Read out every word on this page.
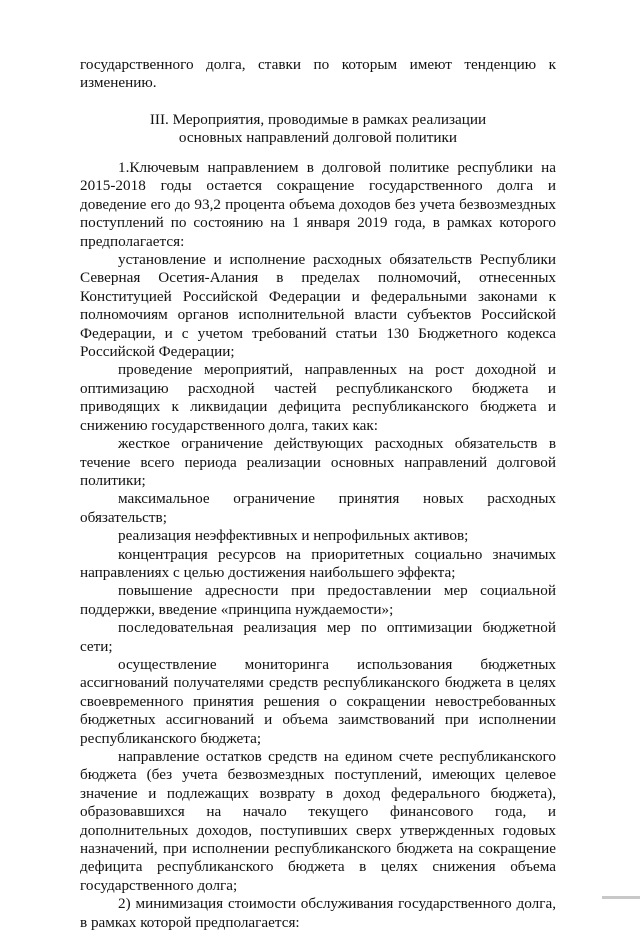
государственного долга, ставки по которым имеют тенденцию к изменению.

III. Мероприятия, проводимые в рамках реализации
основных направлений долговой политики

1.Ключевым направлением в долговой политике республики на 2015-2018 годы остается сокращение государственного долга и доведение его до 93,2 процента объема доходов без учета безвозмездных поступлений по состоянию на 1 января 2019 года, в рамках которого предполагается:

установление и исполнение расходных обязательств Республики Северная Осетия-Алания в пределах полномочий, отнесенных Конституцией Российской Федерации и федеральными законами к полномочиям органов исполнительной власти субъектов Российской Федерации, и с учетом требований статьи 130 Бюджетного кодекса Российской Федерации;

проведение мероприятий, направленных на рост доходной и оптимизацию расходной частей республиканского бюджета и приводящих к ликвидации дефицита республиканского бюджета и снижению государственного долга, таких как:

жесткое ограничение действующих расходных обязательств в течение всего периода реализации основных направлений долговой политики;

максимальное ограничение принятия новых расходных обязательств;

реализация неэффективных и непрофильных активов;

концентрация ресурсов на приоритетных социально значимых направлениях с целью достижения наибольшего эффекта;

повышение адресности при предоставлении мер социальной поддержки, введение «принципа нуждаемости»;

последовательная реализация мер по оптимизации бюджетной сети;

осуществление мониторинга использования бюджетных ассигнований получателями средств республиканского бюджета в целях своевременного принятия решения о сокращении невостребованных бюджетных ассигнований и объема заимствований при исполнении республиканского бюджета;

направление остатков средств на едином счете республиканского бюджета (без учета безвозмездных поступлений, имеющих целевое значение и подлежащих возврату в доход федерального бюджета), образовавшихся на начало текущего финансового года, и дополнительных доходов, поступивших сверх утвержденных годовых назначений, при исполнении республиканского бюджета на сокращение дефицита республиканского бюджета в целях снижения объема государственного долга;

2) минимизация стоимости обслуживания государственного долга, в рамках которой предполагается:
